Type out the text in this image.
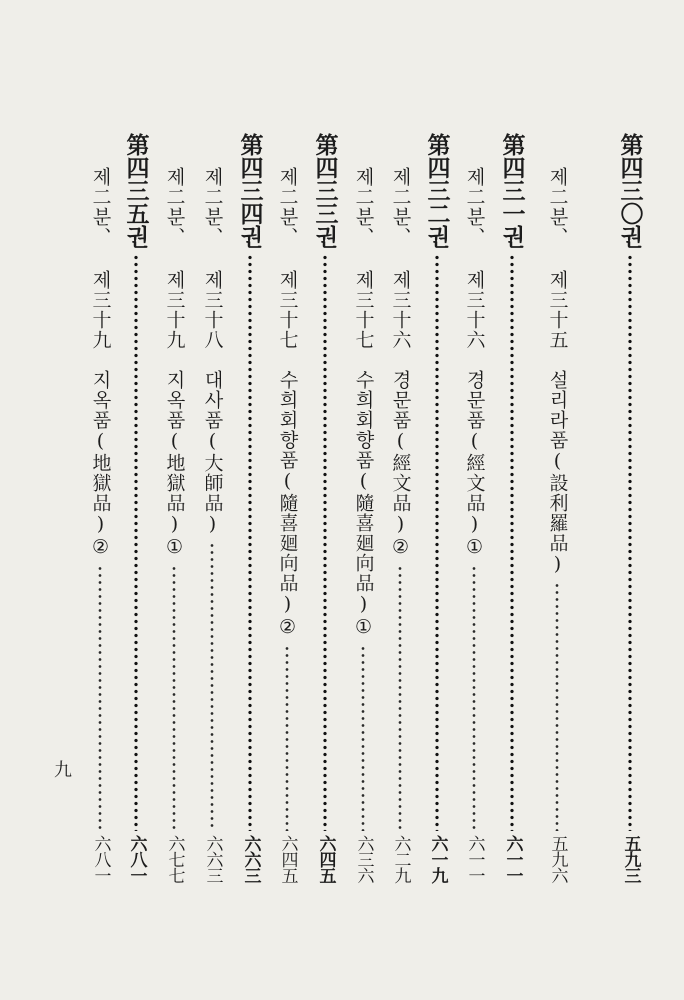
第四三〇권
五九三
제二분、 제三十五　설리라품(設利羅品)
五九六
第四三一권
六一一
제二분、 제三十六　경문품(經文品)①
六一一
第四三二권
六一九
제二분、 제三十六　경문품(經文品)②
六二九
제二분、 제三十七　수희회향품(隨喜廻向品)①
六三六
第四三三권
六四五
제二분、 제三十七　수희회향품(隨喜廻向品)②
六四五
第四三四권
六六三
제二분、 제三十八　대사품(大師品)
六六三
제二분、 제三十九　지옥품(地獄品)①
六七七
第四三五권
六八一
제二분、 제三十九　지옥품(地獄品)②
六八一
九
